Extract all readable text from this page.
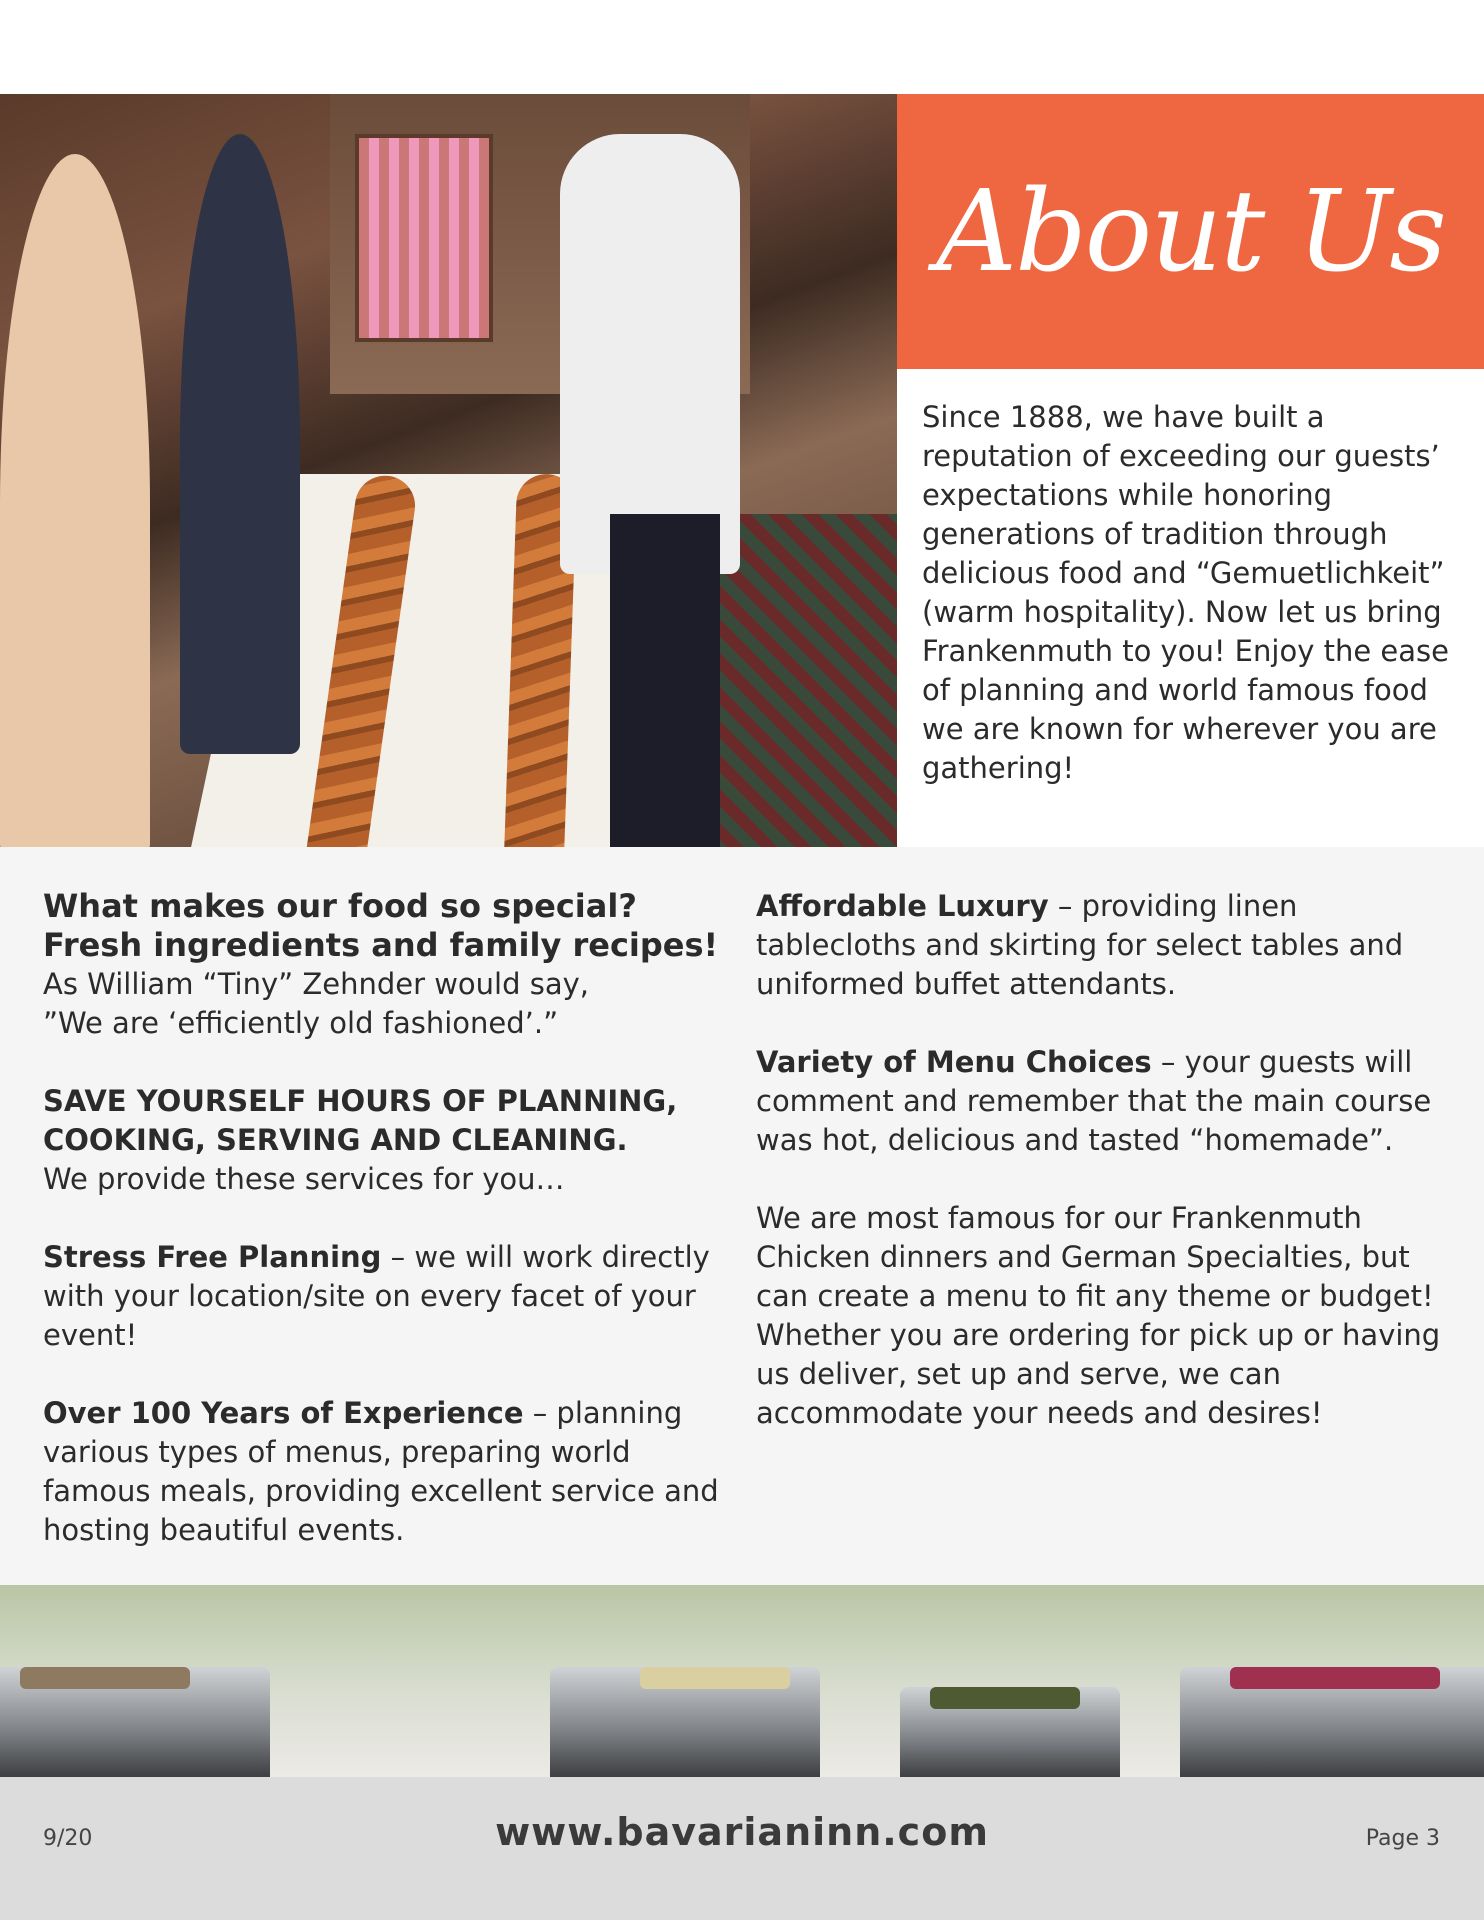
About Us
Since 1888, we have built a reputation of exceeding our guests’ expectations while honoring generations of tradition through delicious food and “Gemuetlichkeit” (warm hospitality). Now let us bring Frankenmuth to you! Enjoy the ease of planning and world famous food we are known for wherever you are gathering!

What makes our food so special?
Fresh ingredients and family recipes!
As William “Tiny” Zehnder would say,
”We are ‘efficiently old fashioned’.”

SAVE YOURSELF HOURS OF PLANNING,
COOKING, SERVING AND CLEANING.
We provide these services for you…

Stress Free Planning – we will work directly with your location/site on every facet of your event!

Over 100 Years of Experience – planning various types of menus, preparing world famous meals, providing excellent service and hosting beautiful events.

Affordable Luxury – providing linen tablecloths and skirting for select tables and uniformed buffet attendants.

Variety of Menu Choices – your guests will comment and remember that the main course was hot, delicious and tasted “homemade”.

We are most famous for our Frankenmuth Chicken dinners and German Specialties, but can create a menu to fit any theme or budget! Whether you are ordering for pick up or having us deliver, set up and serve, we can accommodate your needs and desires!

9/20	www.bavarianinn.com	Page 3
